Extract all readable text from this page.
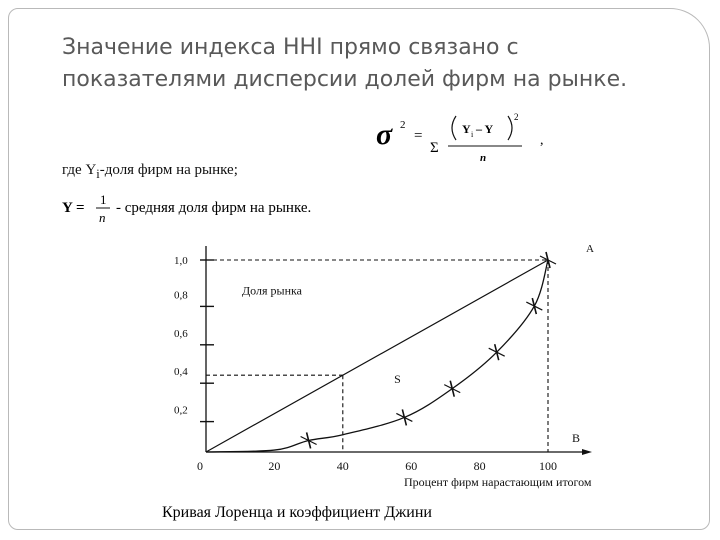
Значение индекса HHI прямо связано с
показателями дисперсии долей фирм на рынке.
σ 2
=
Σ
Y i – Y
2
n
,
где $Y_i$-доля фирм на рынке;
Y =
1
n
- средняя доля фирм на рынке.
1,0
0,8
0,6
0,4
0,2
0	20	40	60	80	100
Процент фирм нарастающим итогом
Доля рынка
S
A
B
Кривая Лоренца и коэффициент Джини
